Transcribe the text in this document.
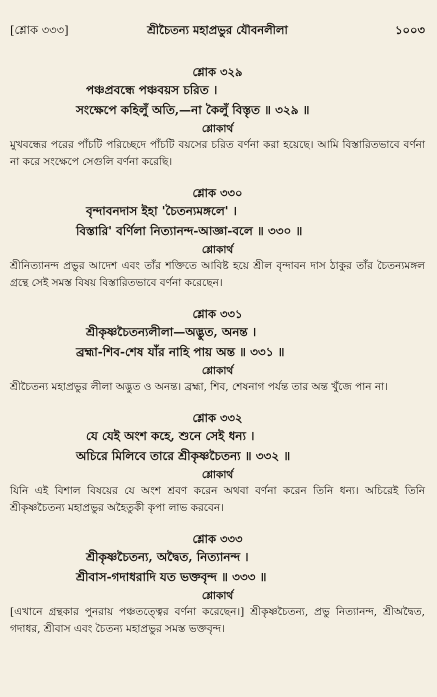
[শ্লোক ৩৩৩]	শ্রীচৈতন্য মহাপ্রভুর যৌবনলীলা	১০০৩
শ্লোক ৩২৯
পঞ্চপ্রবন্ধে পঞ্চবয়স চরিত ।
সংক্ষেপে কহিলুঁ অতি,—না কৈলুঁ বিস্তৃত ॥ ৩২৯ ॥
শ্লোকার্থ
মুখবন্ধের পরের পাঁচটি পরিচ্ছেদে পাঁচটি বয়সের চরিত বর্ণনা করা হয়েছে। আমি বিস্তারিতভাবে বর্ণনা না করে সংক্ষেপে সেগুলি বর্ণনা করেছি।
শ্লোক ৩৩০
বৃন্দাবনদাস ইহা 'চৈতন্যমঙ্গলে' ।
বিস্তারি' বর্ণিলা নিত্যানন্দ-আজ্ঞা-বলে ॥ ৩৩০ ॥
শ্লোকার্থ
শ্রীনিত্যানন্দ প্রভুর আদেশ এবং তাঁর শক্তিতে আবিষ্ট হয়ে শ্রীল বৃন্দাবন দাস ঠাকুর তাঁর চৈতন্যমঙ্গল গ্রন্থে সেই সমস্ত বিষয় বিস্তারিতভাবে বর্ণনা করেছেন।
শ্লোক ৩৩১
শ্রীকৃষ্ণচৈতন্যলীলা—অদ্ভুত, অনন্ত ।
ব্রহ্মা-শিব-শেষ যাঁর নাহি পায় অন্ত ॥ ৩৩১ ॥
শ্লোকার্থ
শ্রীচৈতন্য মহাপ্রভুর লীলা অদ্ভুত ও অনন্ত। ব্রহ্মা, শিব, শেষনাগ পর্যন্ত তার অন্ত খুঁজে পান না।
শ্লোক ৩৩২
যে যেই অংশ কহে, শুনে সেই ধন্য ।
অচিরে মিলিবে তারে শ্রীকৃষ্ণচৈতন্য ॥ ৩৩২ ॥
শ্লোকার্থ
যিনি এই বিশাল বিষয়ের যে অংশ শ্রবণ করেন অথবা বর্ণনা করেন তিনি ধন্য। অচিরেই তিনি শ্রীকৃষ্ণচৈতন্য মহাপ্রভুর অহৈতুকী কৃপা লাভ করবেন।
শ্লোক ৩৩৩
শ্রীকৃষ্ণচৈতন্য, অদ্বৈত, নিত্যানন্দ ।
শ্রীবাস-গদাধরাদি যত ভক্তবৃন্দ ॥ ৩৩৩ ॥
শ্লোকার্থ
[এখানে গ্রন্থকার পুনরায় পঞ্চতত্ত্বের বর্ণনা করেছেন।] শ্রীকৃষ্ণচৈতন্য, প্রভু নিত্যানন্দ, শ্রীঅদ্বৈত, গদাধর, শ্রীবাস এবং চৈতন্য মহাপ্রভুর সমস্ত ভক্তবৃন্দ।
